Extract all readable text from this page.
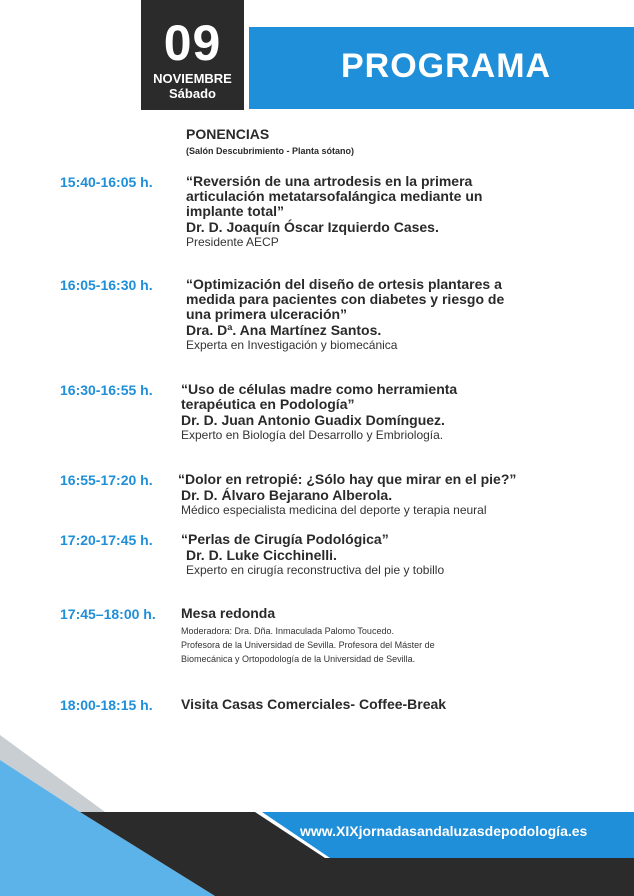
09
NOVIEMBRE
Sábado
PROGRAMA
PONENCIAS
(Salón Descubrimiento - Planta sótano)
15:40-16:05 h. “Reversión de una artrodesis en la primera
articulación metatarsofalángica mediante un
implante total”
Dr. D. Joaquín Óscar Izquierdo Cases.
Presidente AECP
16:05-16:30 h. “Optimización del diseño de ortesis plantares a
medida para pacientes con diabetes y riesgo de
una primera ulceración”
Dra. Dª. Ana Martínez Santos.
Experta en Investigación y biomecánica
16:30-16:55 h. “Uso de células madre como herramienta
terapéutica en Podología”
Dr. D. Juan Antonio Guadix Domínguez.
Experto en Biología del Desarrollo y Embriología.
16:55-17:20 h. “Dolor en retropié: ¿Sólo hay que mirar en el pie?”
Dr. D. Álvaro Bejarano Alberola.
Médico especialista medicina del deporte y terapia neural
17:20-17:45 h. “Perlas de Cirugía Podológica”
Dr. D. Luke Cicchinelli.
Experto en cirugía reconstructiva del pie y tobillo
17:45–18:00 h. Mesa redonda
Moderadora: Dra. Dña. Inmaculada Palomo Toucedo.
Profesora de la Universidad de Sevilla. Profesora del Máster de
Biomecánica y Ortopodología de la Universidad de Sevilla.
18:00-18:15 h. Visita Casas Comerciales- Coffee-Break
www.XIXjornadasandaluzasdepodología.es
